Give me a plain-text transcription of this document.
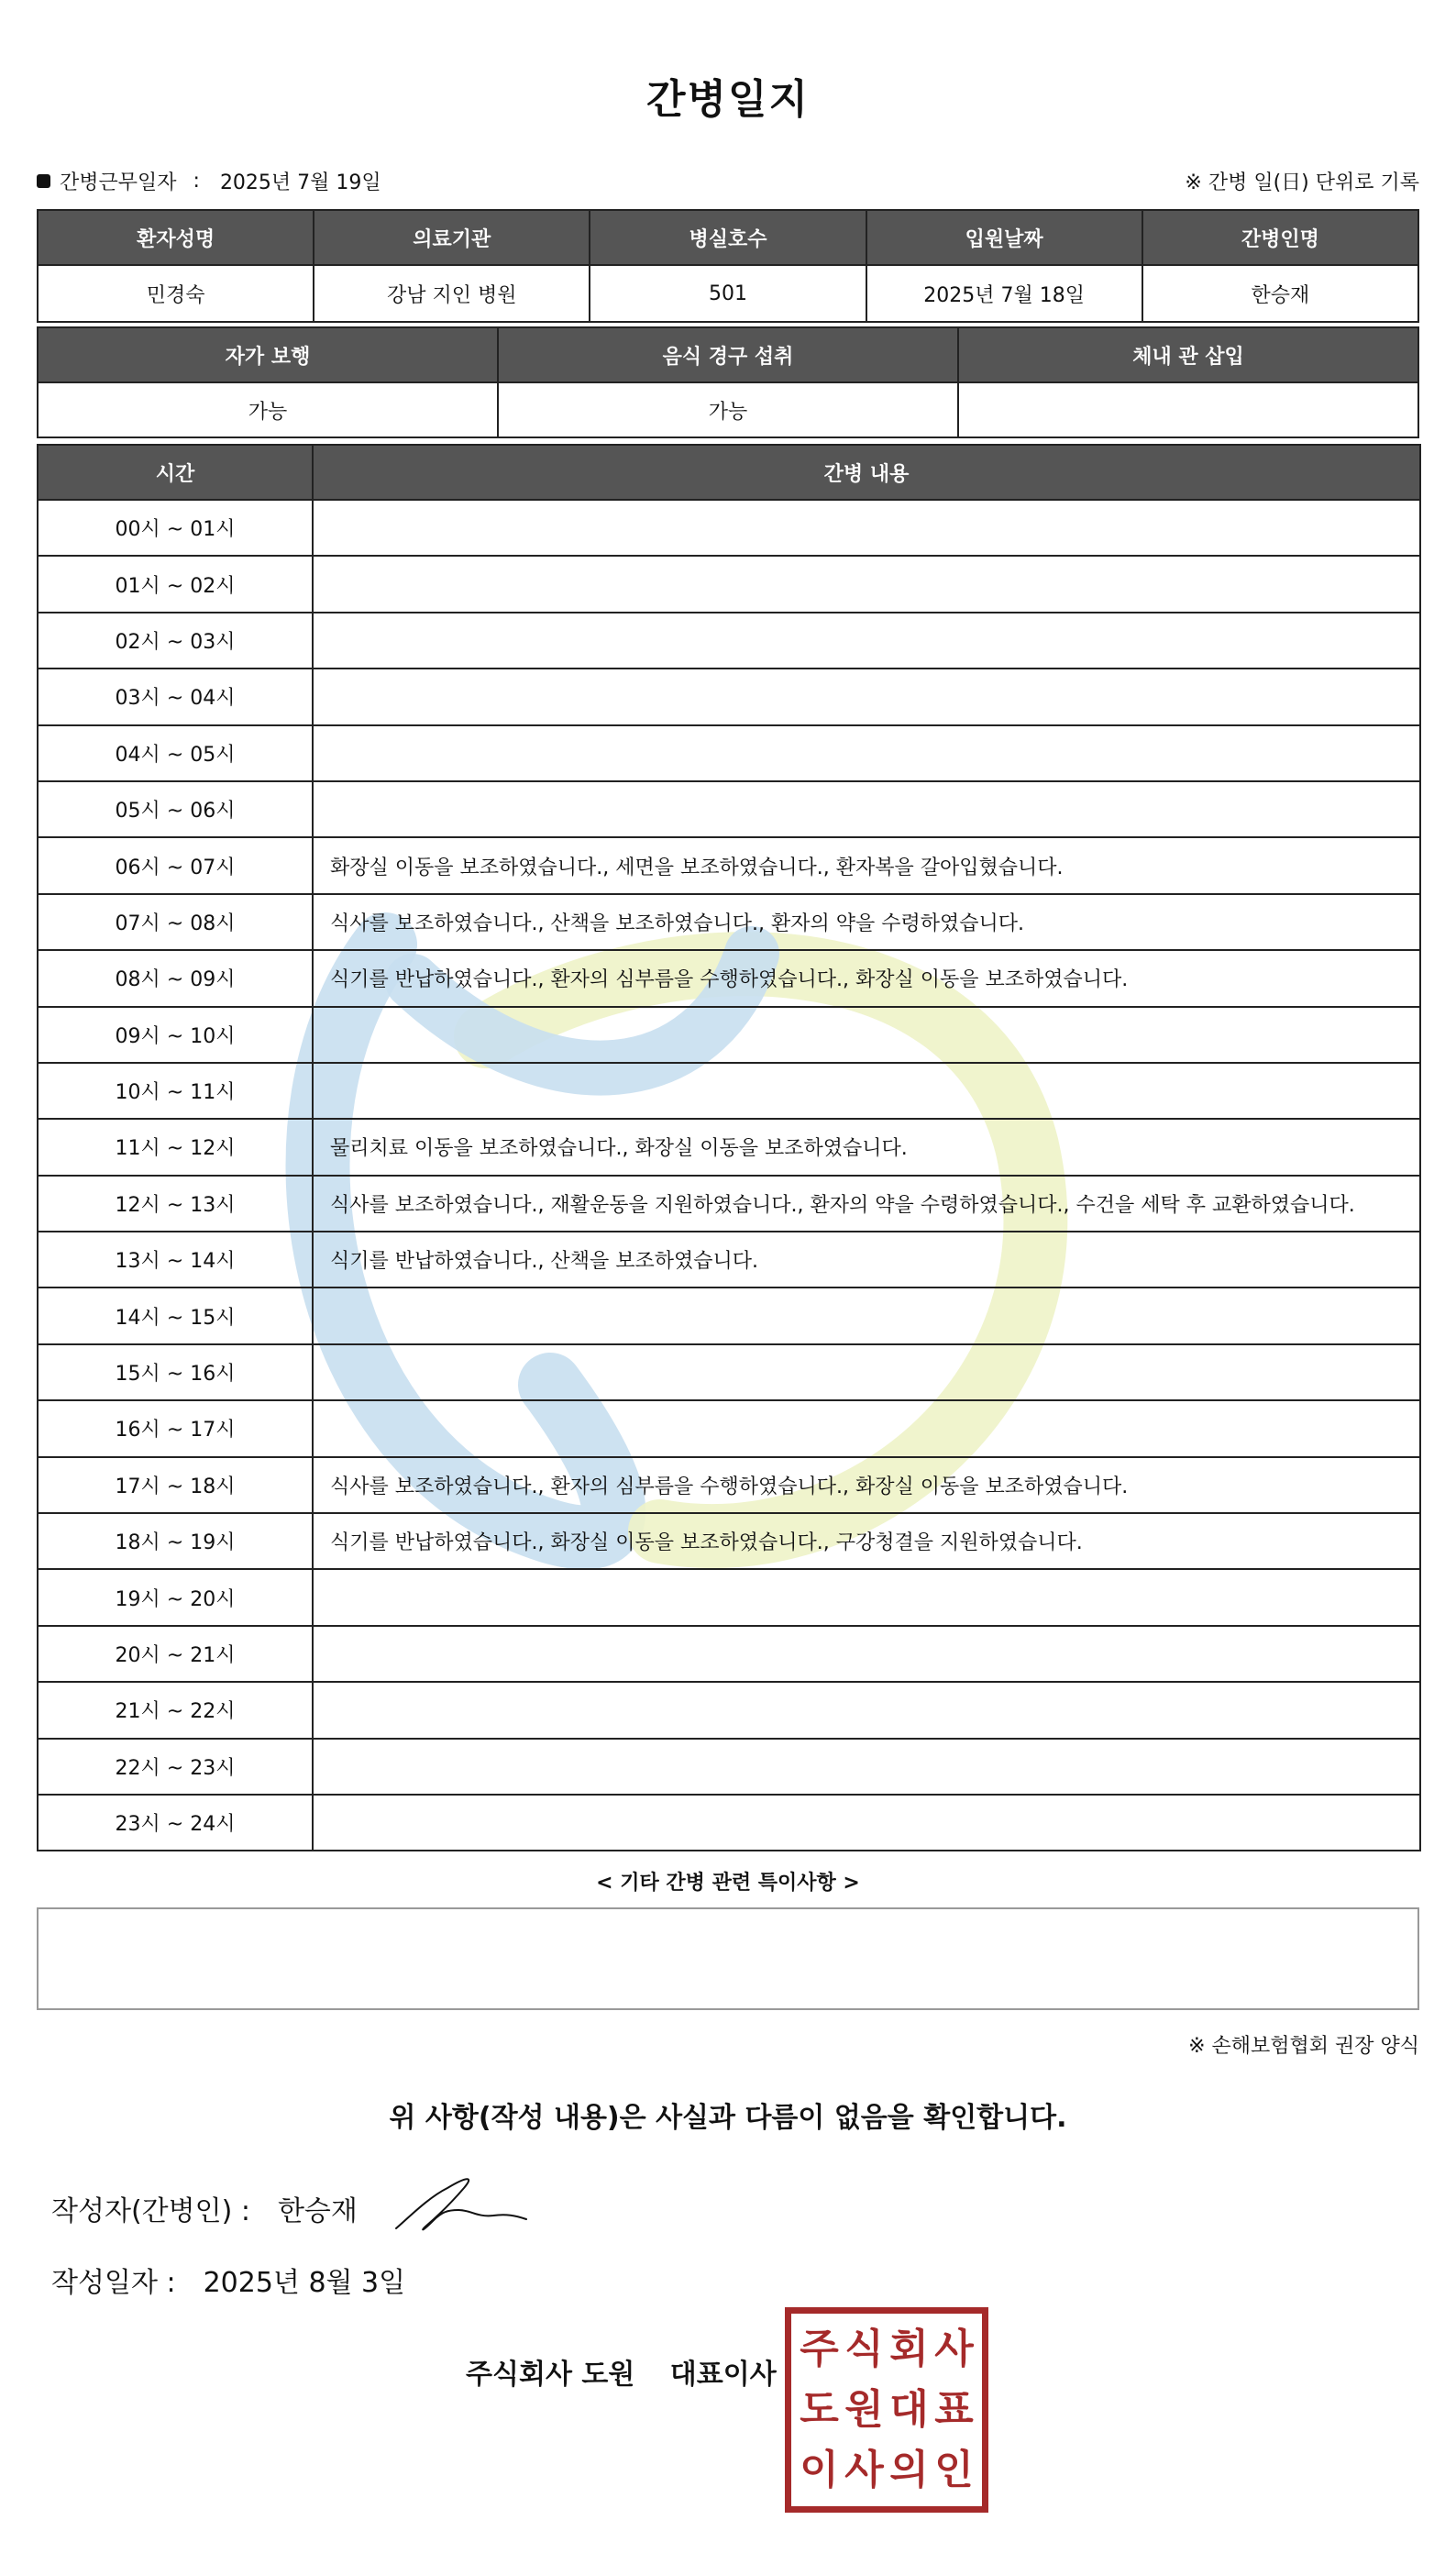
간병일지
간병근무일자 : 2025년 7월 19일	※ 간병 일(日) 단위로 기록
환자성명	의료기관	병실호수	입원날짜	간병인명
민경숙	강남 지인 병원	501	2025년 7월 18일	한승재
자가 보행	음식 경구 섭취	체내 관 삽입
가능	가능	
시간	간병 내용
00시 ~ 01시	
01시 ~ 02시	
02시 ~ 03시	
03시 ~ 04시	
04시 ~ 05시	
05시 ~ 06시	
06시 ~ 07시	화장실 이동을 보조하였습니다., 세면을 보조하였습니다., 환자복을 갈아입혔습니다.
07시 ~ 08시	식사를 보조하였습니다., 산책을 보조하였습니다., 환자의 약을 수령하였습니다.
08시 ~ 09시	식기를 반납하였습니다., 환자의 심부름을 수행하였습니다., 화장실 이동을 보조하였습니다.
09시 ~ 10시	
10시 ~ 11시	
11시 ~ 12시	물리치료 이동을 보조하였습니다., 화장실 이동을 보조하였습니다.
12시 ~ 13시	식사를 보조하였습니다., 재활운동을 지원하였습니다., 환자의 약을 수령하였습니다., 수건을 세탁 후 교환하였습니다.
13시 ~ 14시	식기를 반납하였습니다., 산책을 보조하였습니다.
14시 ~ 15시	
15시 ~ 16시	
16시 ~ 17시	
17시 ~ 18시	식사를 보조하였습니다., 환자의 심부름을 수행하였습니다., 화장실 이동을 보조하였습니다.
18시 ~ 19시	식기를 반납하였습니다., 화장실 이동을 보조하였습니다., 구강청결을 지원하였습니다.
19시 ~ 20시	
20시 ~ 21시	
21시 ~ 22시	
22시 ~ 23시	
23시 ~ 24시	
< 기타 간병 관련 특이사항 >
※ 손해보험협회 권장 양식
위 사항(작성 내용)은 사실과 다름이 없음을 확인합니다.
작성자(간병인) : 한승재
작성일자 : 2025년 8월 3일
주식회사 도원 대표이사
주 식 회 사
도 원 대 표
이 사 의 인
